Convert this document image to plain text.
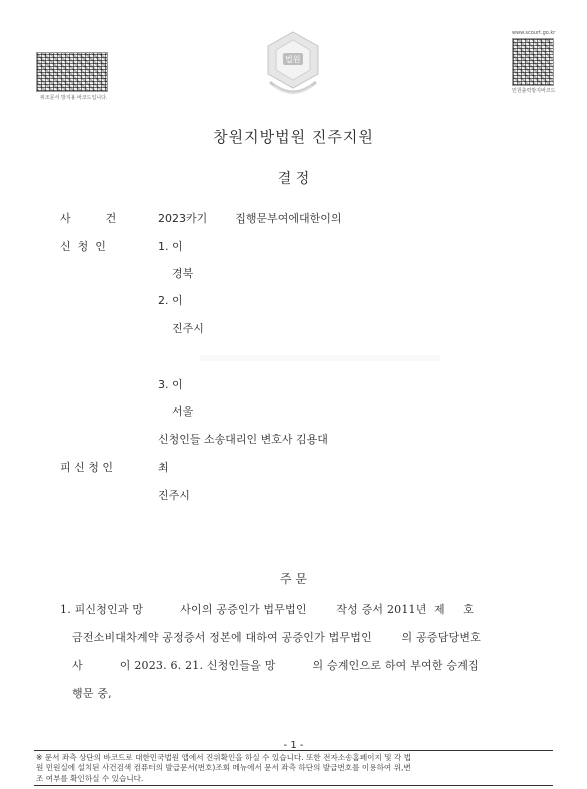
위조문서 방지용 바코드입니다.
www.scourt.go.kr
민원출력방지바코드
법원
창원지방법원 진주지원
결 정
사          건	2023카기        집행문부여에대한이의
신  청  인	1. 이
경북
2. 이
진주시
3. 이
서울
신청인들 소송대리인 변호사 김용대
피 신 청 인	최
진주시
주 문
1. 피신청인과 망          사이의 공증인가 법무법인        작성 증서 2011년  제     호
금전소비대차계약 공정증서 정본에 대하여 공증인가 법무법인        의 공증담당변호
사          이 2023. 6. 21. 신청인들을 망          의 승계인으로 하여 부여한 승계집
행문 중,
- 1 -
※ 문서 좌측 상단의 바코드로 대한민국법원 앱에서 진위확인을 하실 수 있습니다. 또한 전자소송홈페이지 및 각 법
원 민원실에 설치된 사건검색 컴퓨터의 발급문서(번호)조회 메뉴에서 문서 좌측 하단의 발급번호를 이용하여 위,변
조 여부를 확인하실 수 있습니다.
